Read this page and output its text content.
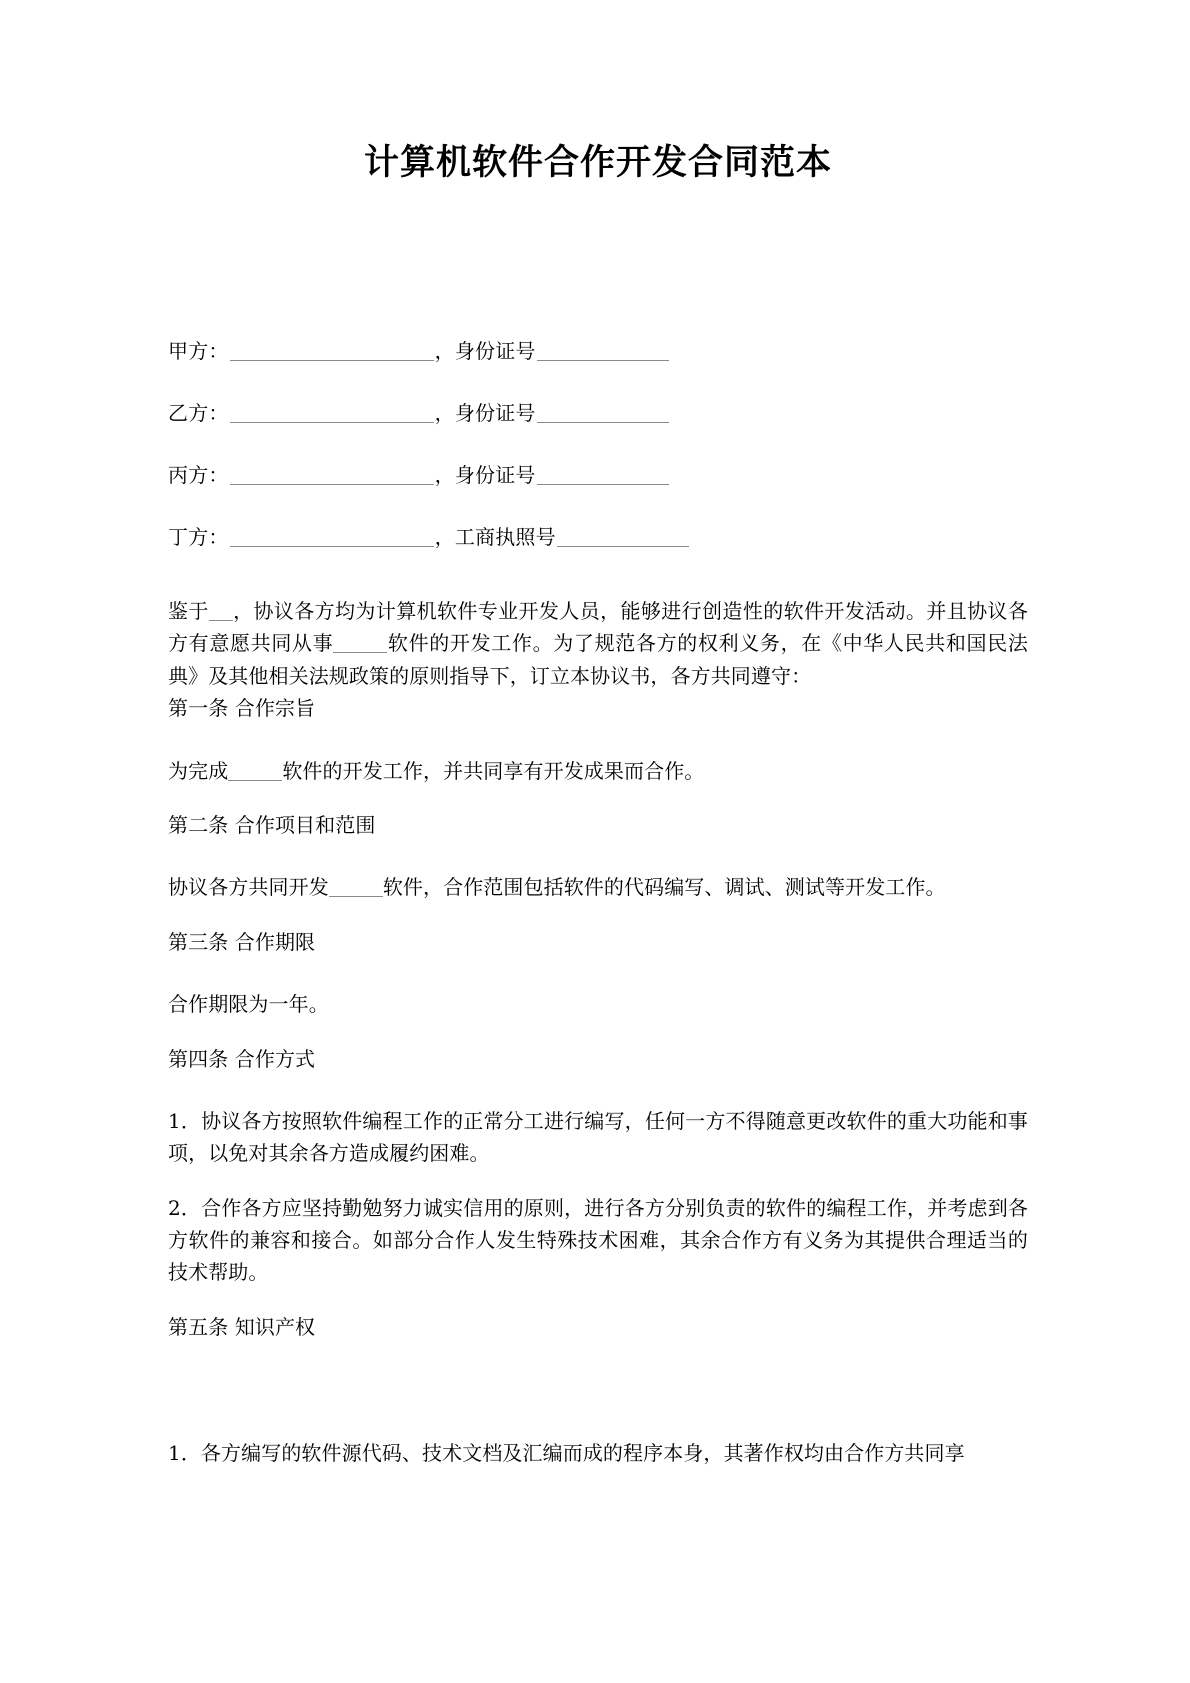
计算机软件合作开发合同范本
甲方：	，身份证号
乙方：	，身份证号
丙方：	，身份证号
丁方：	，工商执照号

鉴于 ，协议各方均为计算机软件专业开发人员，能够进行创造性的软件开发活动。并且协议各方有意愿共同从事	软件的开发工作。为了规范各方的权利义务，在《中华人民共和国民法典》及其他相关法规政策的原则指导下，订立本协议书，各方共同遵守：

第一条 合作宗旨

为完成	软件的开发工作，并共同享有开发成果而合作。

第二条 合作项目和范围

协议各方共同开发	软件，合作范围包括软件的代码编写、调试、测试等开发工作。

第三条 合作期限

合作期限为一年。

第四条 合作方式

1．协议各方按照软件编程工作的正常分工进行编写，任何一方不得随意更改软件的重大功能和事项，以免对其余各方造成履约困难。

2．合作各方应坚持勤勉努力诚实信用的原则，进行各方分别负责的软件的编程工作，并考虑到各方软件的兼容和接合。如部分合作人发生特殊技术困难，其余合作方有义务为其提供合理适当的技术帮助。

第五条 知识产权

1．各方编写的软件源代码、技术文档及汇编而成的程序本身，其著作权均由合作方共同享
